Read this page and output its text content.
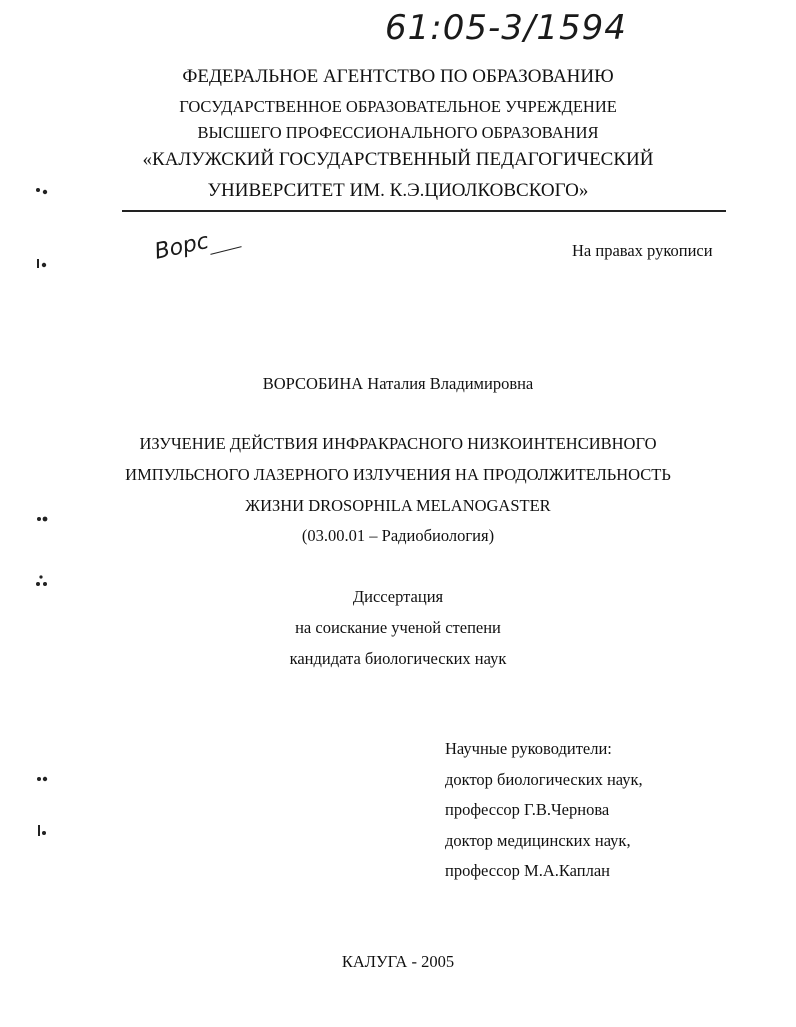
61:05-3/1594
ФЕДЕРАЛЬНОЕ АГЕНТСТВО ПО ОБРАЗОВАНИЮ
ГОСУДАРСТВЕННОЕ ОБРАЗОВАТЕЛЬНОЕ УЧРЕЖДЕНИЕ
ВЫСШЕГО ПРОФЕССИОНАЛЬНОГО ОБРАЗОВАНИЯ
«КАЛУЖСКИЙ ГОСУДАРСТВЕННЫЙ ПЕДАГОГИЧЕСКИЙ
УНИВЕРСИТЕТ ИМ. К.Э.ЦИОЛКОВСКОГО»
Ворс	На правах рукописи
ВОРСОБИНА Наталия Владимировна
ИЗУЧЕНИЕ ДЕЙСТВИЯ ИНФРАКРАСНОГО НИЗКОИНТЕНСИВНОГО
ИМПУЛЬСНОГО ЛАЗЕРНОГО ИЗЛУЧЕНИЯ НА ПРОДОЛЖИТЕЛЬНОСТЬ
ЖИЗНИ DROSOPHILA MELANOGASTER
(03.00.01 – Радиобиология)
Диссертация
на соискание ученой степени
кандидата биологических наук
Научные руководители:
доктор биологических наук,
профессор Г.В.Чернова
доктор медицинских наук,
профессор М.А.Каплан
КАЛУГА - 2005
